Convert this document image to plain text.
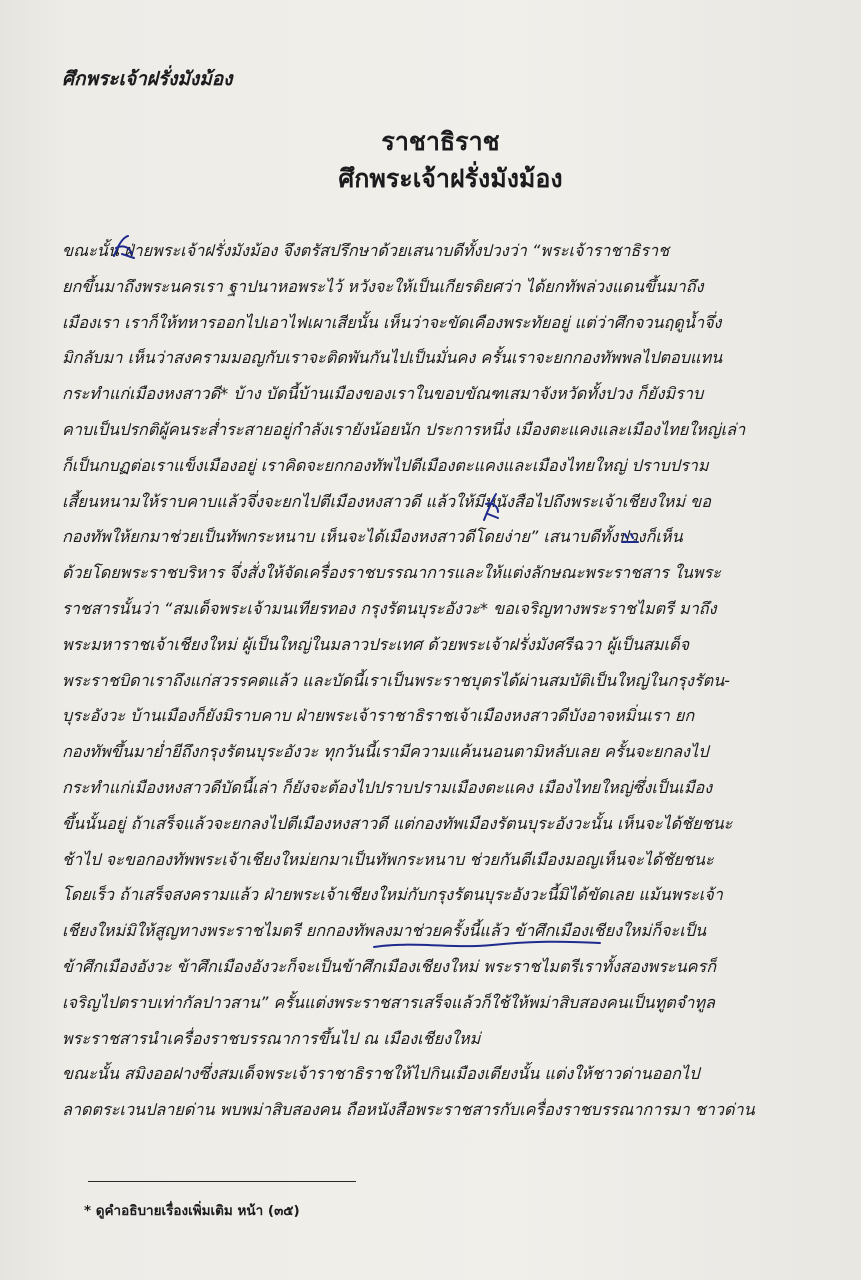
ศึกพระเจ้าฝรั่งมังม้อง
ราชาธิราช
ศึกพระเจ้าฝรั่งมังม้อง
ขณะนั้น ฝ่ายพระเจ้าฝรั่งมังม้อง จึงตรัสปรึกษาด้วยเสนาบดีทั้งปวงว่า “พระเจ้าราชาธิราช
ยกขึ้นมาถึงพระนครเรา ฐาปนาหอพระไว้ หวังจะให้เป็นเกียรติยศว่า ได้ยกทัพล่วงแดนขึ้นมาถึง
เมืองเรา เราก็ให้ทหารออกไปเอาไฟเผาเสียนั้น เห็นว่าจะขัดเคืองพระทัยอยู่ แต่ว่าศึกจวนฤดูน้ำจึ่ง
มิกลับมา เห็นว่าสงครามมอญกับเราจะติดพันกันไปเป็นมั่นคง ครั้นเราจะยกกองทัพพลไปตอบแทน
กระทำแก่เมืองหงสาวดี* บ้าง บัดนี้บ้านเมืองของเราในขอบขัณฑเสมาจังหวัดทั้งปวง ก็ยังมิราบ
คาบเป็นปรกติผู้คนระส่ำระสายอยู่กำลังเรายังน้อยนัก ประการหนึ่ง เมืองตะแคงและเมืองไทยใหญ่เล่า
ก็เป็นกบฏต่อเราแข็งเมืองอยู่ เราคิดจะยกกองทัพไปตีเมืองตะแคงและเมืองไทยใหญ่ ปราบปราม
เสี้ยนหนามให้ราบคาบแล้วจึ่งจะยกไปตีเมืองหงสาวดี แล้วให้มีหนังสือไปถึงพระเจ้าเชียงใหม่ ขอ
กองทัพให้ยกมาช่วยเป็นทัพกระหนาบ เห็นจะได้เมืองหงสาวดีโดยง่าย” เสนาบดีทั้งปวงก็เห็น
ด้วยโดยพระราชบริหาร จึ่งสั่งให้จัดเครื่องราชบรรณาการและให้แต่งลักษณะพระราชสาร ในพระ
ราชสารนั้นว่า “สมเด็จพระเจ้ามนเทียรทอง กรุงรัตนบุระอังวะ* ขอเจริญทางพระราชไมตรี มาถึง
พระมหาราชเจ้าเชียงใหม่ ผู้เป็นใหญ่ในมลาวประเทศ ด้วยพระเจ้าฝรั่งมังศรีฉวา ผู้เป็นสมเด็จ
พระราชบิดาเราถึงแก่สวรรคตแล้ว และบัดนี้เราเป็นพระราชบุตรได้ผ่านสมบัติเป็นใหญ่ในกรุงรัตน-
บุระอังวะ บ้านเมืองก็ยังมิราบคาบ ฝ่ายพระเจ้าราชาธิราชเจ้าเมืองหงสาวดีบังอาจหมิ่นเรา ยก
กองทัพขึ้นมาย่ำยีถึงกรุงรัตนบุระอังวะ ทุกวันนี้เรามีความแค้นนอนตามิหลับเลย ครั้นจะยกลงไป
กระทำแก่เมืองหงสาวดีบัดนี้เล่า ก็ยังจะต้องไปปราบปรามเมืองตะแคง เมืองไทยใหญ่ซึ่งเป็นเมือง
ขึ้นนั้นอยู่ ถ้าเสร็จแล้วจะยกลงไปตีเมืองหงสาวดี แต่กองทัพเมืองรัตนบุระอังวะนั้น เห็นจะได้ชัยชนะ
ช้าไป จะขอกองทัพพระเจ้าเชียงใหม่ยกมาเป็นทัพกระหนาบ ช่วยกันตีเมืองมอญเห็นจะได้ชัยชนะ
โดยเร็ว ถ้าเสร็จสงครามแล้ว ฝ่ายพระเจ้าเชียงใหม่กับกรุงรัตนบุระอังวะนี้มิได้ขัดเลย แม้นพระเจ้า
เชียงใหม่มิให้สูญทางพระราชไมตรี ยกกองทัพลงมาช่วยครั้งนี้แล้ว ข้าศึกเมืองเชียงใหม่ก็จะเป็น
ข้าศึกเมืองอังวะ ข้าศึกเมืองอังวะก็จะเป็นข้าศึกเมืองเชียงใหม่ พระราชไมตรีเราทั้งสองพระนครก็
เจริญไปตราบเท่ากัลปาวสาน” ครั้นแต่งพระราชสารเสร็จแล้วก็ใช้ให้พม่าสิบสองคนเป็นทูตจำทูล
พระราชสารนำเครื่องราชบรรณาการขึ้นไป ณ เมืองเชียงใหม่
ขณะนั้น สมิงออฝางซึ่งสมเด็จพระเจ้าราชาธิราชให้ไปกินเมืองเตียงนั้น แต่งให้ชาวด่านออกไป
ลาดตระเวนปลายด่าน พบพม่าสิบสองคน ถือหนังสือพระราชสารกับเครื่องราชบรรณาการมา ชาวด่าน
* ดูคำอธิบายเรื่องเพิ่มเติม หน้า (๓๕)
